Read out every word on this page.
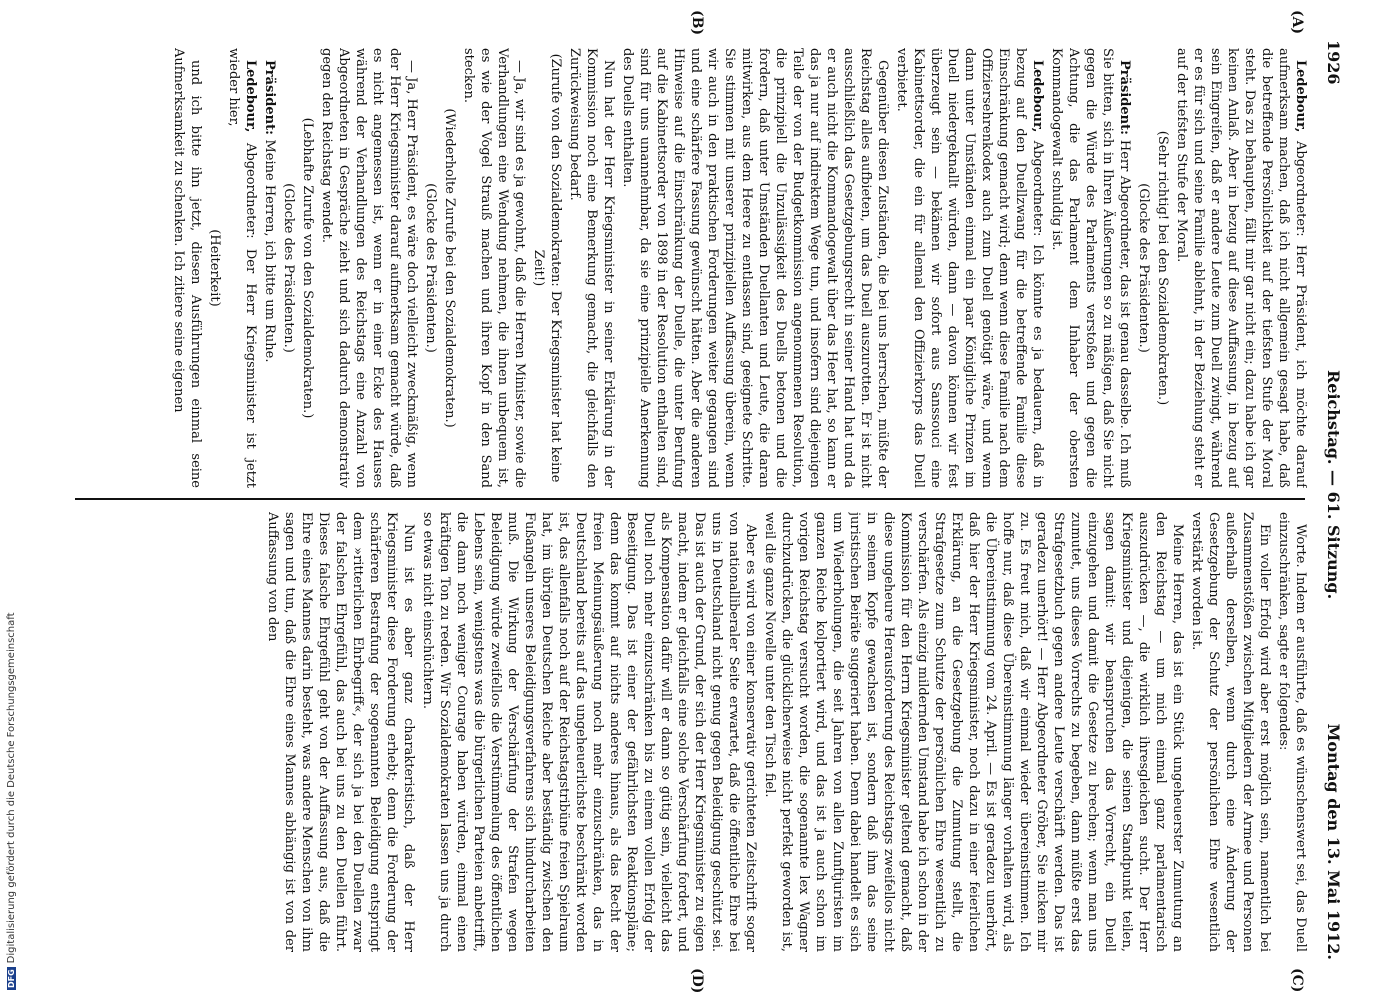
DFGDigitalisierung gefördert durch die Deutsche Forschungsgemeinschaft
1926
Reichstag. — 61. Sitzung.
Montag den 13. Mai 1912.
(A)
(B)
(C)
(D)

Ledebour, Abgeordneter: Herr Präsident, ich möchte darauf aufmerksam machen, daß ich nicht allgemein gesagt habe, daß die betreffende Persönlichkeit auf der tiefsten Stufe der Moral steht. Das zu behaupten, fällt mir gar nicht ein; dazu habe ich gar keinen Anlaß. Aber in bezug auf diese Auffassung, in bezug auf sein Eingreifen, daß er andere Leute zum Duell zwingt, während er es für sich und seine Familie ablehnt, in der Beziehung steht er auf der tiefsten Stufe der Moral.

(Sehr richtig! bei den Sozialdemokraten.)

(Glocke des Präsidenten.)

Präsident: Herr Abgeordneter, das ist genau dasselbe. Ich muß Sie bitten, sich in Ihren Äußerungen so zu mäßigen, daß Sie nicht gegen die Würde des Parlaments verstoßen und gegen die Achtung, die das Parlament dem Inhaber der obersten Kommandogewalt schuldig ist.

Ledebour, Abgeordneter: Ich könnte es ja bedauern, daß in bezug auf den Duellzwang für die betreffende Familie diese Einschränkung gemacht wird; denn wenn diese Familie nach dem Offiziersehrenkodex auch zum Duell genötigt wäre, und wenn dann unter Umständen einmal ein paar Königliche Prinzen im Duell niedergeknallt würden, dann — davon können wir fest überzeugt sein — bekämen wir sofort aus Sanssouci eine Kabinettsorder, die ein für allemal den Offizierkorps das Duell verbietet.

Gegenüber diesen Zuständen, die bei uns herrschen, müßte der Reichstag alles aufbieten, um das Duell auszurotten. Er ist nicht ausschließlich das Gesetzgebungsrecht in seiner Hand hat und da er auch nicht die Kommandogewalt über das Heer hat, so kann er das ja nur auf indirektem Wege tun, und insofern sind diejenigen Teile der von der Budgetkommission angenommenen Resolution, die prinzipiell die Unzulässigkeit des Duells betonen und die fordern, daß unter Umständen Duellanten und Leute, die daran mitwirken, aus dem Heere zu entlassen sind, geeignete Schritte. Sie stimmen mit unserer prinzipiellen Auffassung überein, wenn wir auch in den praktischen Forderungen weiter gegangen sind und eine schärfere Fassung gewünscht hätten. Aber die anderen Hinweise auf die Einschränkung der Duelle, die unter Berufung auf die Kabinettsorder von 1898 in der Resolution enthalten sind, sind für uns unannehmbar, da sie eine prinzipielle Anerkennung des Duells enthalten.

Nun hat der Herr Kriegsminister in seiner Erklärung in der Kommission noch eine Bemerkung gemacht, die gleichfalls den Zurückweisung bedarf.

(Zurufe von den Sozialdemokraten: Der Kriegsminister hat keine Zeit!)

— Ja, wir sind es ja gewohnt, daß die Herren Minister, sowie die Verhandlungen eine Wendung nehmen, die ihnen unbequem ist, es wie der Vogel Strauß machen und ihren Kopf in den Sand stecken.

(Wiederholte Zurufe bei den Sozialdemokraten.)

(Glocke des Präsidenten.)

— Ja, Herr Präsident, es wäre doch vielleicht zweckmäßig, wenn der Herr Kriegsminister darauf aufmerksam gemacht würde, daß es nicht angemessen ist, wenn er in einer Ecke des Hauses während der Verhandlungen des Reichstags eine Anzahl von Abgeordneten in Gespräche zieht und sich dadurch demonstrativ gegen den Reichstag wendet.

(Lebhafte Zurufe von den Sozialdemokraten.)

(Glocke des Präsidenten.)

Präsident: Meine Herren, ich bitte um Ruhe.

Ledebour, Abgeordneter: Der Herr Kriegsminister ist jetzt wieder hier,

(Heiterkeit)

und ich bitte ihn jetzt, diesen Ausführungen einmal seine Aufmerksamkeit zu schenken. Ich zitiere seine eigenen

Worte. Indem er ausführte, daß es wünschenswert sei, das Duell einzuschränken, sagte er folgendes:

Ein voller Erfolg wird aber erst möglich sein, namentlich bei Zusammenstößen zwischen Mitgliedern der Armee und Personen außerhalb derselben, wenn durch eine Änderung der Gesetzgebung der Schutz der persönlichen Ehre wesentlich verstärkt worden ist.

Meine Herren, das ist ein Stück ungeheuerster Zumutung an den Reichstag — um mich einmal ganz parlamentarisch auszudrücken —, die wirklich ihresgleichen sucht. Der Herr Kriegsminister und diejenigen, die seinen Standpunkt teilen, sagen damit: wir beanspruchen das Vorrecht, ein Duell einzugehen und damit die Gesetze zu brechen; wenn man uns zumutet, uns dieses Vorrechts zu begeben, dann müßte erst das Strafgesetzbuch gegen andere Leute verschärft werden. Das ist geradezu unerhört! — Herr Abgeordneter Gröber, Sie nicken mir zu. Es freut mich, daß wir einmal wieder übereinstimmen. Ich hoffe nur, daß diese Übereinstimmung länger vorhalten wird, als die Übereinstimmung vom 24. April. — Es ist geradezu unerhört, daß hier der Herr Kriegsminister, noch dazu in einer feierlichen Erklärung, an die Gesetzgebung die Zumutung stellt, die Strafgesetze zum Schutze der persönlichen Ehre wesentlich zu verschärfen. Als einzig mildernden Umstand habe ich schon in der Kommission für den Herrn Kriegsminister geltend gemacht, daß diese ungeheure Herausforderung des Reichstags zweifellos nicht in seinem Kopfe gewachsen ist, sondern daß ihm das seine juristischen Beiräte suggeriert haben. Denn dabei handelt es sich um Wiederholungen, die seit Jahren von allen Zunftjuristen im ganzen Reiche kolportiert wird, und das ist ja auch schon im vorigen Reichstag versucht worden, die sogenannte lex Wagner durchzudrücken, die glücklicherweise nicht perfekt geworden ist, weil die ganze Novelle unter den Tisch fiel.

Aber es wird von einer konservativ gerichteten Zeitschrift sogar von nationalliberaler Seite erwartet, daß die öffentliche Ehre bei uns in Deutschland nicht genug gegen Beleidigung geschützt sei. Das ist auch der Grund, der sich der Herr Kriegsminister zu eigen macht, indem er gleichfalls eine solche Verschärfung fordert, und als Kompensation dafür will er dann so gütig sein, vielleicht das Duell noch mehr einzuschränken bis zu einem vollen Erfolg der Beseitigung. Das ist einer der gefährlichsten Reaktionspläne; denn das kommt auf nichts anderes hinaus, als das Recht der freien Meinungsäußerung noch mehr einzuschränken, das in Deutschland bereits auf das ungeheuerlichste beschränkt worden ist, das allenfalls noch auf der Reichstagstribüne freien Spielraum hat, im übrigen Deutschen Reiche aber beständig zwischen den Fußangeln unseres Beleidigungsverfahrens sich hindurcharbeiten muß. Die Wirkung der Verschärfung der Strafen wegen Beleidigung würde zweifellos die Verstümmelung des öffentlichen Lebens sein, wenigstens was die bürgerlichen Parteien anbetrifft, die dann noch weniger Courage haben würden, einmal einen kräftigen Ton zu reden. Wir Sozialdemokraten lassen uns ja durch so etwas nicht einschüchtern.

Nun ist es aber ganz charakteristisch, daß der Herr Kriegsminister diese Forderung erhebt; denn die Forderung der schärferen Bestrafung der sogenannten Beleidigung entspringt dem »ritterlichen Ehrbegriff«, der sich ja bei den Duellen zwar der falschen Ehrgefühl, das auch bei uns zu den Duellen führt. Dieses falsche Ehrgefühl geht von der Auffassung aus, daß die Ehre eines Mannes darin besteht, was andere Menschen von ihm sagen und tun, daß die Ehre eines Mannes abhängig ist von der Auffassung von den
